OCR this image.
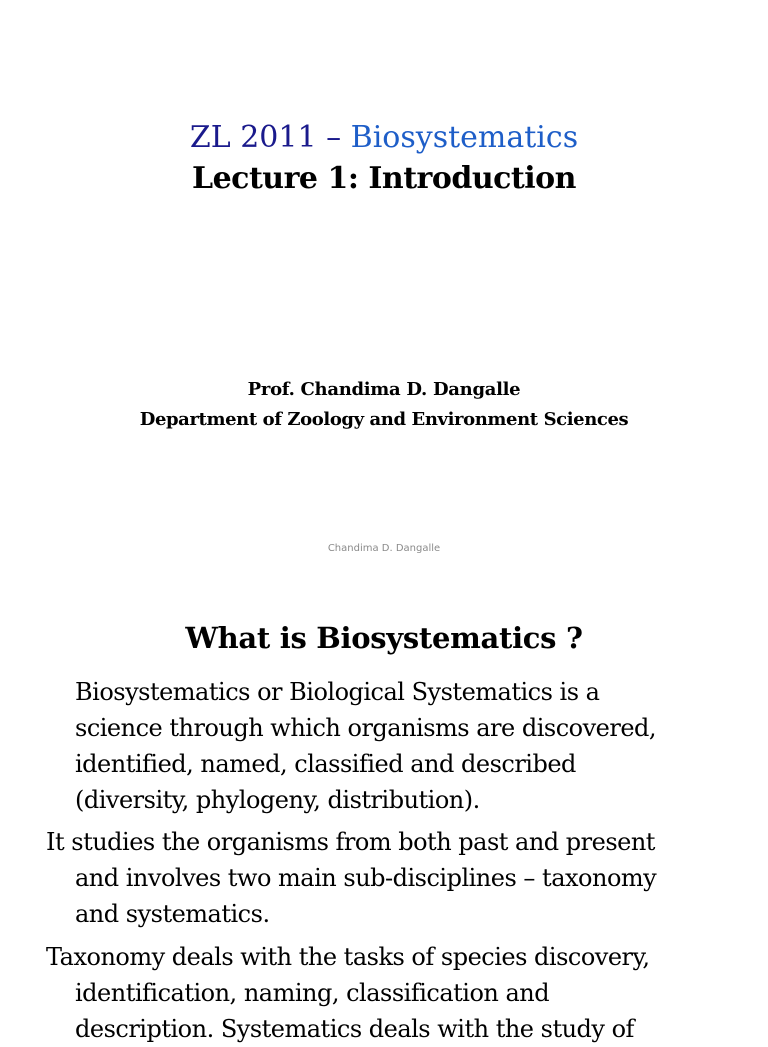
ZL 2011 – Biosystematics
Lecture 1: Introduction
Prof. Chandima D. Dangalle
Department of Zoology and Environment Sciences
Chandima D. Dangalle
What is Biosystematics ?
Biosystematics or Biological Systematics is a
science through which organisms are discovered,
identified, named, classified and described
(diversity, phylogeny, distribution).
It studies the organisms from both past and present
and involves two main sub-disciplines – taxonomy
and systematics.
Taxonomy deals with the tasks of species discovery,
identification, naming, classification and
description. Systematics deals with the study of
